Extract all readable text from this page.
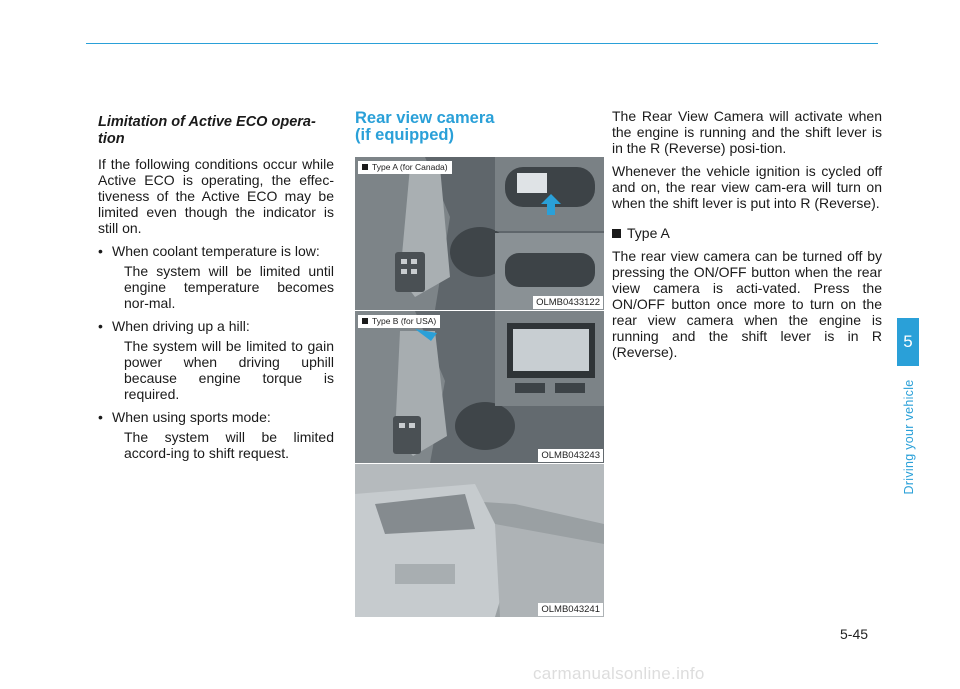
Limitation of Active ECO opera-tion

If the following conditions occur while Active ECO is operating, the effec-tiveness of the Active ECO may be limited even though the indicator is still on.

• When coolant temperature is low:
The system will be limited until engine temperature becomes nor-mal.
• When driving up a hill:
The system will be limited to gain power when driving uphill because engine torque is required.
• When using sports mode:
The system will be limited accord-ing to shift request.
Rear view camera
(if equipped)
Type A (for Canada)
OLMB0433122
Type B (for USA)
OLMB043243
OLMB043241

The Rear View Camera will activate when the engine is running and the shift lever is in the R (Reverse) posi-tion.

Whenever the vehicle ignition is cycled off and on, the rear view cam-era will turn on when the shift lever is put into R (Reverse).

Type A

The rear view camera can be turned off by pressing the ON/OFF button when the rear view camera is acti-vated. Press the ON/OFF button once more to turn on the rear view camera when the engine is running and the shift lever is in R (Reverse).

5
Driving your vehicle
5-45
carmanualsonline.info
